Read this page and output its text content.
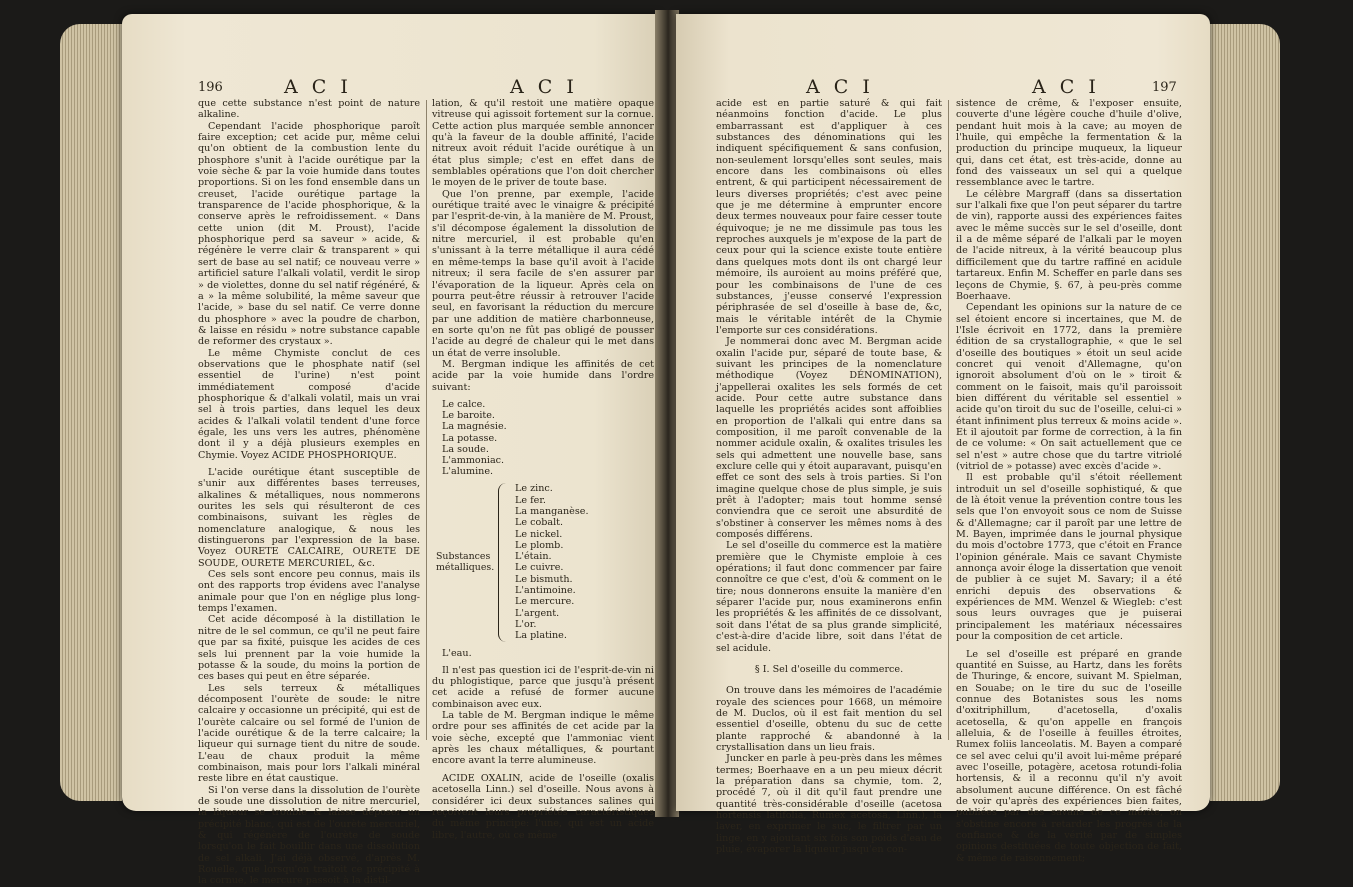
196	A C I	A C I

que cette substance n'est point de nature alkaline.

Cependant l'acide phosphorique paroît faire exception; cet acide pur, même celui qu'on obtient de la combustion lente du phosphore s'unit à l'acide ourétique par la voie sèche & par la voie humide dans toutes proportions. Si on les fond ensemble dans un creuset, l'acide ourétique partage la transparence de l'acide phosphorique, & la conserve après le refroidissement. « Dans cette union (dit M. Proust), l'acide phosphorique perd sa saveur » acide, & régénère le verre clair & transparent » qui sert de base au sel natif; ce nouveau verre » artificiel sature l'alkali volatil, verdit le sirop » de violettes, donne du sel natif régénéré, & a » la même solubilité, la même saveur que l'acide, » base du sel natif. Ce verre donne du phosphore » avec la poudre de charbon, & laisse en résidu » notre substance capable de reformer des crystaux ».

Le même Chymiste conclut de ces observations que le phosphate natif (sel essentiel de l'urine) n'est point immédiatement composé d'acide phosphorique & d'alkali volatil, mais un vrai sel à trois parties, dans lequel les deux acides & l'alkali volatil tendent d'une force égale, les uns vers les autres, phénomène dont il y a déjà plusieurs exemples en Chymie. Voyez ACIDE PHOSPHORIQUE.

L'acide ourétique étant susceptible de s'unir aux différentes bases terreuses, alkalines & métalliques, nous nommerons ourites les sels qui résulteront de ces combinaisons, suivant les règles de nomenclature analogique, & nous les distinguerons par l'expression de la base. Voyez OURETE CALCAIRE, OURETE DE SOUDE, OURETE MERCURIEL, &c.

Ces sels sont encore peu connus, mais ils ont des rapports trop évidens avec l'analyse animale pour que l'on en néglige plus long-temps l'examen.

Cet acide décomposé à la distillation le nitre de le sel commun, ce qu'il ne peut faire que par sa fixité, puisque les acides de ces sels lui prennent par la voie humide la potasse & la soude, du moins la portion de ces bases qui peut en être séparée.

Les sels terreux & métalliques décomposent l'ourète de soude: le nitre calcaire y occasionne un précipité, qui est de l'ourète calcaire ou sel formé de l'union de l'acide ourétique & de la terre calcaire; la liqueur qui surnage tient du nitre de soude. L'eau de chaux produit la même combinaison, mais pour lors l'alkali minéral reste libre en état caustique.

Si l'on verse dans la dissolution de l'ourète de soude une dissolution de nitre mercuriel, la liqueur se trouble & laisse déposer un précipité blanc, qui est de l'ourète mercuriel, & qui régénère de l'ourète de soude lorsqu'on le fait bouillir dans une dissolution de sel alkali. J'ai déjà observé, d'après M. Rouelle, que lorsqu'on traitoit ce précipité à la cornue, le mercure passoit à la distil-

lation, & qu'il restoit une matière opaque vitreuse qui agissoit fortement sur la cornue. Cette action plus marquée semble annoncer qu'à la faveur de la double affinité, l'acide nitreux avoit réduit l'acide ourétique à un état plus simple; c'est en effet dans de semblables opérations que l'on doit chercher le moyen de le priver de toute base.

Que l'on prenne, par exemple, l'acide ourétique traité avec le vinaigre & précipité par l'esprit-de-vin, à la manière de M. Proust, s'il décompose également la dissolution de nitre mercuriel, il est probable qu'en s'unissant à la terre métallique il aura cédé en même-temps la base qu'il avoit à l'acide nitreux; il sera facile de s'en assurer par l'évaporation de la liqueur. Après cela on pourra peut-être réussir à retrouver l'acide seul, en favorisant la réduction du mercure par une addition de matière charbonneuse, en sorte qu'on ne fût pas obligé de pousser l'acide au degré de chaleur qui le met dans un état de verre insoluble.

M. Bergman indique les affinités de cet acide par la voie humide dans l'ordre suivant:

Le calce.
Le baroite.
La magnésie.
La potasse.
La soude.
L'ammoniac.
L'alumine.
Substances métalliques.
Le zinc.
Le fer.
La manganèse.
Le cobalt.
Le nickel.
Le plomb.
L'étain.
Le cuivre.
Le bismuth.
L'antimoine.
Le mercure.
L'argent.
L'or.
La platine.
L'eau.

Il n'est pas question ici de l'esprit-de-vin ni du phlogistique, parce que jusqu'à présent cet acide a refusé de former aucune combinaison avec eux.

La table de M. Bergman indique le même ordre pour ses affinités de cet acide par la voie sèche, excepté que l'ammoniac vient après les chaux métalliques, & pourtant encore avant la terre alumineuse.

ACIDE OXALIN, acide de l'oseille (oxalis acetosella Linn.) sel d'oseille. Nous avons à considérer ici deux substances salines qui reçoivent leurs propriétés caractéristiques du même principe: l'une, qui est un acide libre, l'autre, où ce même

A C I	A C I	197

acide est en partie saturé & qui fait néanmoins fonction d'acide. Le plus embarrassant est d'appliquer à ces substances des dénominations qui les indiquent spécifiquement & sans confusion, non-seulement lorsqu'elles sont seules, mais encore dans les combinaisons où elles entrent, & qui participent nécessairement de leurs diverses propriétés; c'est avec peine que je me détermine à emprunter encore deux termes nouveaux pour faire cesser toute équivoque; je ne me dissimule pas tous les reproches auxquels je m'expose de la part de ceux pour qui la science existe toute entière dans quelques mots dont ils ont chargé leur mémoire, ils auroient au moins préféré que, pour les combinaisons de l'une de ces substances, j'eusse conservé l'expression périphrasée de sel d'oseille à base de, &c, mais le véritable intérêt de la Chymie l'emporte sur ces considérations.

Je nommerai donc avec M. Bergman acide oxalin l'acide pur, séparé de toute base, & suivant les principes de la nomenclature méthodique (Voyez DÉNOMINATION), j'appellerai oxalites les sels formés de cet acide. Pour cette autre substance dans laquelle les propriétés acides sont affoiblies en proportion de l'alkali qui entre dans sa composition, il me paroît convenable de la nommer acidule oxalin, & oxalites trisules les sels qui admettent une nouvelle base, sans exclure celle qui y étoit auparavant, puisqu'en effet ce sont des sels à trois parties. Si l'on imagine quelque chose de plus simple, je suis prêt à l'adopter; mais tout homme sensé conviendra que ce seroit une absurdité de s'obstiner à conserver les mêmes noms à des composés différens.

Le sel d'oseille du commerce est la matière première que le Chymiste emploie à ces opérations; il faut donc commencer par faire connoître ce que c'est, d'où & comment on le tire; nous donnerons ensuite la manière d'en séparer l'acide pur, nous examinerons enfin les propriétés & les affinités de ce dissolvant, soit dans l'état de sa plus grande simplicité, c'est-à-dire d'acide libre, soit dans l'état de sel acidule.

§ I. Sel d'oseille du commerce.

On trouve dans les mémoires de l'académie royale des sciences pour 1668, un mémoire de M. Duclos, où il est fait mention du sel essentiel d'oseille, obtenu du suc de cette plante rapproché & abandonné à la crystallisation dans un lieu frais.

Juncker en parle à peu-près dans les mêmes termes; Boerhaave en a un peu mieux décrit la préparation dans sa chymie, tom. 2, procédé 7, où il dit qu'il faut prendre une quantité très-considérable d'oseille (acetosa hortensis latifolia, Rumex acetosa, Linn.), la laver, en exprimer le suc, le filtrer par un linge, en y ajoutant six fois son poids d'eau de pluie, évaporer la liqueur jusqu'en con-

sistence de crême, & l'exposer ensuite, couverte d'une légère couche d'huile d'olive, pendant huit mois à la cave; au moyen de l'huile, qui empêche la fermentation & la production du principe muqueux, la liqueur qui, dans cet état, est très-acide, donne au fond des vaisseaux un sel qui a quelque ressemblance avec le tartre.

Le célèbre Margraff (dans sa dissertation sur l'alkali fixe que l'on peut séparer du tartre de vin), rapporte aussi des expériences faites avec le même succès sur le sel d'oseille, dont il a de même séparé de l'alkali par le moyen de l'acide nitreux, à la vérité beaucoup plus difficilement que du tartre raffiné en acidule tartareux. Enfin M. Scheffer en parle dans ses leçons de Chymie, §. 67, à peu-près comme Boerhaave.

Cependant les opinions sur la nature de ce sel étoient encore si incertaines, que M. de l'Isle écrivoit en 1772, dans la première édition de sa crystallographie, « que le sel d'oseille des boutiques » étoit un seul acide concret qui venoit d'Allemagne, qu'on ignoroit absolument d'où on le » tiroit & comment on le faisoit, mais qu'il paroissoit bien différent du véritable sel essentiel » acide qu'on tiroit du suc de l'oseille, celui-ci » étant infiniment plus terreux & moins acide ». Et il ajoutoit par forme de correction, à la fin de ce volume: « On sait actuellement que ce sel n'est » autre chose que du tartre vitriolé (vitriol de » potasse) avec excès d'acide ».

Il est probable qu'il s'étoit réellement introduit un sel d'oseille sophistiqué, & que de là étoit venue la prévention contre tous les sels que l'on envoyoit sous ce nom de Suisse & d'Allemagne; car il paroît par une lettre de M. Bayen, imprimée dans le journal physique du mois d'octobre 1773, que c'étoit en France l'opinion générale. Mais ce savant Chymiste annonça avoir éloge la dissertation que venoit de publier à ce sujet M. Savary; il a été enrichi depuis des observations & expériences de MM. Wenzel & Wiegleb: c'est sous leurs ouvrages que je puiserai principalement les matériaux nécessaires pour la composition de cet article.

Le sel d'oseille est préparé en grande quantité en Suisse, au Hartz, dans les forêts de Thuringe, & encore, suivant M. Spielman, en Souabe; on le tire du suc de l'oseille connue des Botanistes sous les noms d'oxitriphillum, d'acetosella, d'oxalis acetosella, & qu'on appelle en françois alleluia, & de l'oseille à feuilles étroites, Rumex foliis lanceolatis. M. Bayen a comparé ce sel avec celui qu'il avoit lui-même préparé avec l'oseille, potagère, acetosa rotundi-folia hortensis, & il a reconnu qu'il n'y avoit absolument aucune différence. On est fâché de voir qu'après des expériences bien faites, publiées par des savans de ce mérite, on s'obstine encore à retarder les progrès de la confiance & de la vérité par de simples opinions destituées de toute objection de fait, & même de raisonnement;
